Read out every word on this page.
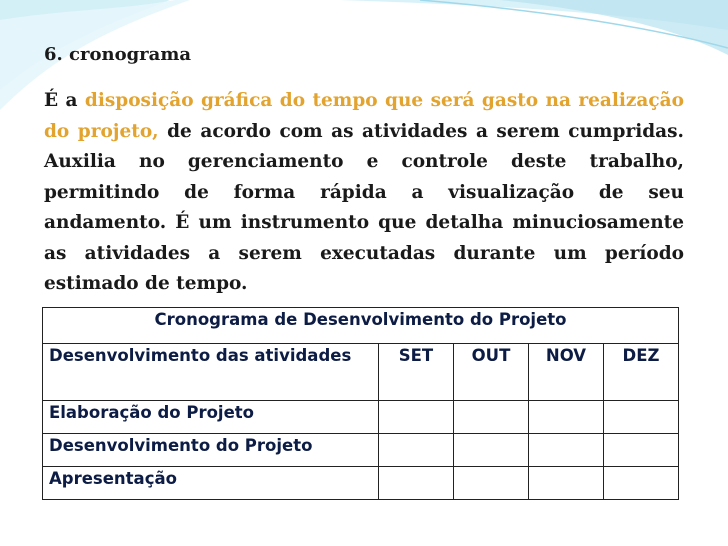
6. cronograma
É a disposição gráfica do tempo que será gasto na realização do projeto, de acordo com as atividades a serem cumpridas. Auxilia no gerenciamento e controle deste trabalho, permitindo de forma rápida a visualização de seu andamento. É um instrumento que detalha minuciosamente as atividades a serem executadas durante um período estimado de tempo.
Cronograma de Desenvolvimento do Projeto				
Desenvolvimento das atividades	SET	OUT	NOV	DEZ
Elaboração do Projeto				
Desenvolvimento do Projeto				
Apresentação				
